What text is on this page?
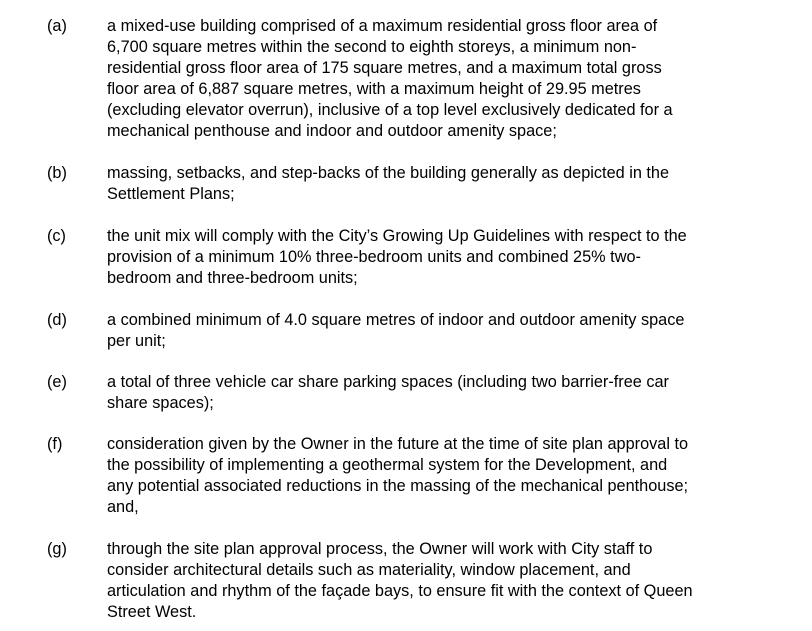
(a) a mixed-use building comprised of a maximum residential gross floor area of
6,700 square metres within the second to eighth storeys, a minimum non-
residential gross floor area of 175 square metres, and a maximum total gross
floor area of 6,887 square metres, with a maximum height of 29.95 metres
(excluding elevator overrun), inclusive of a top level exclusively dedicated for a
mechanical penthouse and indoor and outdoor amenity space;
(b) massing, setbacks, and step-backs of the building generally as depicted in the
Settlement Plans;
(c)	the unit mix will comply with the City’s Growing Up Guidelines with respect to the
provision of a minimum 10% three-bedroom units and combined 25% two-
bedroom and three-bedroom units;
(d) a combined minimum of 4.0 square metres of indoor and outdoor amenity space
per unit;
(e) a total of three vehicle car share parking spaces (including two barrier-free car
share spaces);
(f)	consideration given by the Owner in the future at the time of site plan approval to
the possibility of implementing a geothermal system for the Development, and
any potential associated reductions in the massing of the mechanical penthouse;
and,
(g) through the site plan approval process, the Owner will work with City staff to
consider architectural details such as materiality, window placement, and
articulation and rhythm of the façade bays, to ensure fit with the context of Queen
Street West.
